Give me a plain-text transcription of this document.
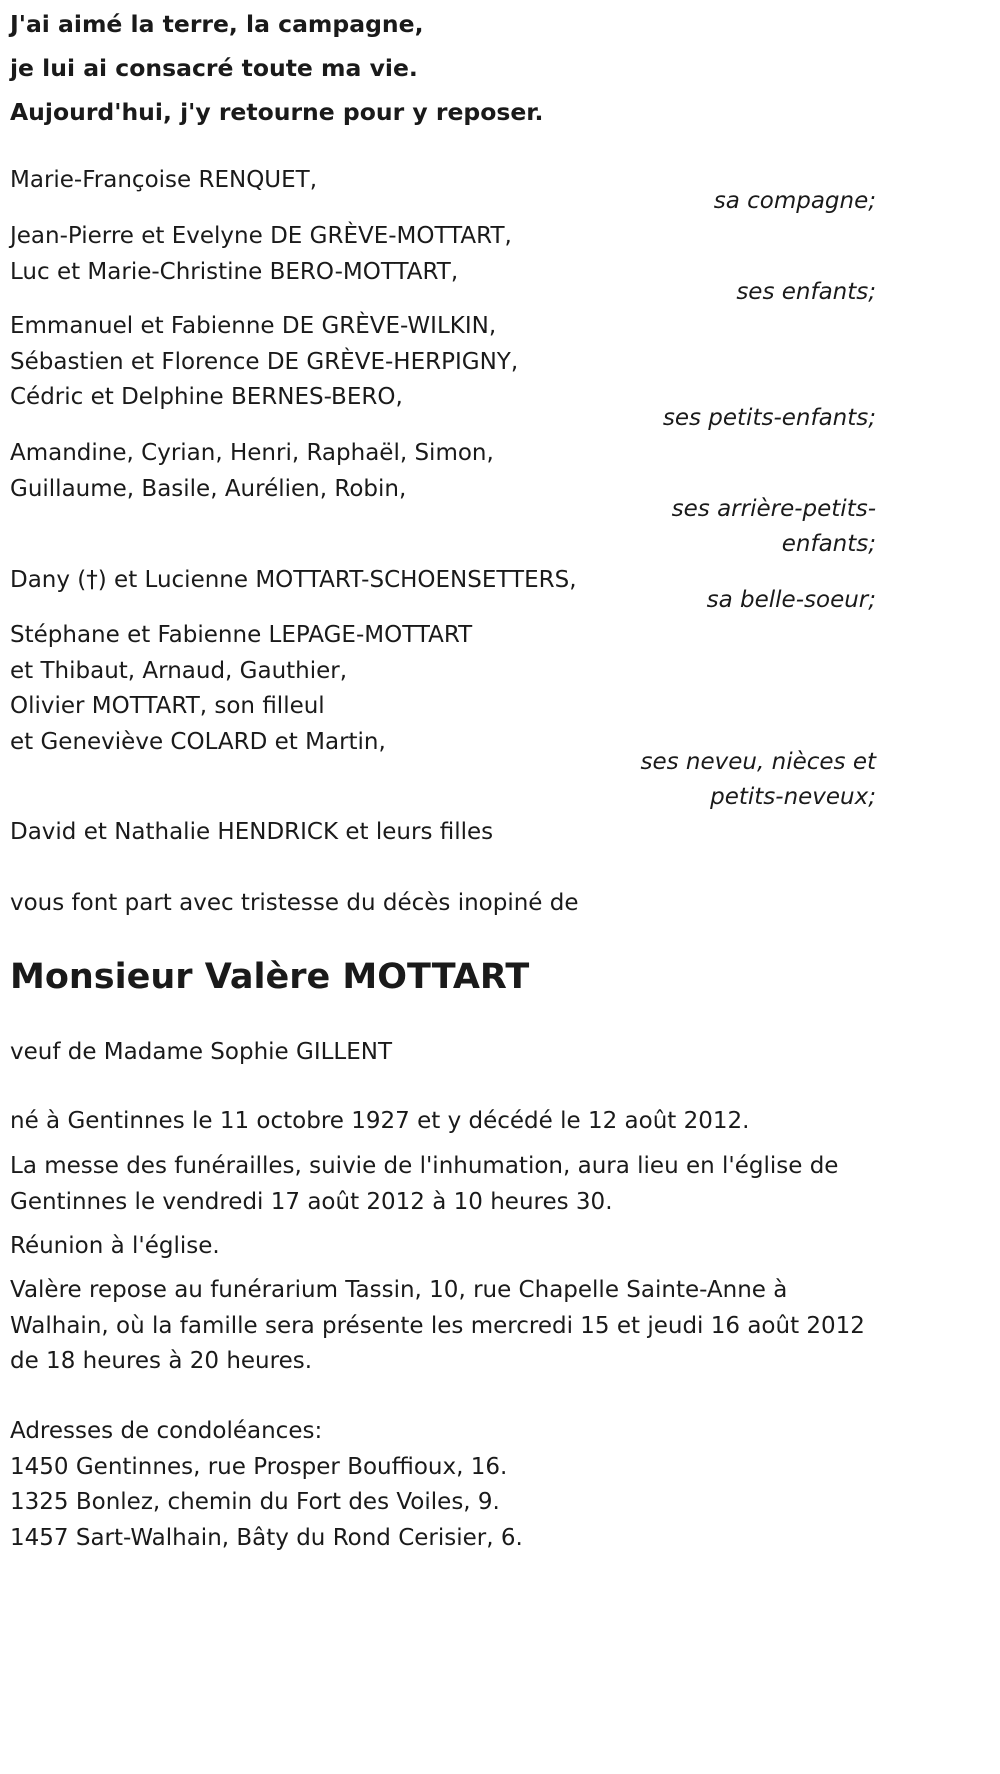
J'ai aimé la terre, la campagne,
je lui ai consacré toute ma vie.
Aujourd'hui, j'y retourne pour y reposer.
Marie-Françoise RENQUET,
sa compagne;
Jean-Pierre et Evelyne DE GRÈVE-MOTTART,
Luc et Marie-Christine BERO-MOTTART,
ses enfants;
Emmanuel et Fabienne DE GRÈVE-WILKIN,
Sébastien et Florence DE GRÈVE-HERPIGNY,
Cédric et Delphine BERNES-BERO,
ses petits-enfants;
Amandine, Cyrian, Henri, Raphaël, Simon,
Guillaume, Basile, Aurélien, Robin,
ses arrière-petits-
enfants;
Dany (†) et Lucienne MOTTART-SCHOENSETTERS,
sa belle-soeur;
Stéphane et Fabienne LEPAGE-MOTTART
et Thibaut, Arnaud, Gauthier,
Olivier MOTTART, son filleul
et Geneviève COLARD et Martin,
ses neveu, nièces et
petits-neveux;
David et Nathalie HENDRICK et leurs filles
vous font part avec tristesse du décès inopiné de
Monsieur Valère MOTTART
veuf de Madame Sophie GILLENT
né à Gentinnes le 11 octobre 1927 et y décédé le 12 août 2012.
La messe des funérailles, suivie de l'inhumation, aura lieu en l'église de
Gentinnes le vendredi 17 août 2012 à 10 heures 30.
Réunion à l'église.
Valère repose au funérarium Tassin, 10, rue Chapelle Sainte-Anne à
Walhain, où la famille sera présente les mercredi 15 et jeudi 16 août 2012
de 18 heures à 20 heures.
Adresses de condoléances:
1450 Gentinnes, rue Prosper Bouffioux, 16.
1325 Bonlez, chemin du Fort des Voiles, 9.
1457 Sart-Walhain, Bâty du Rond Cerisier, 6.
